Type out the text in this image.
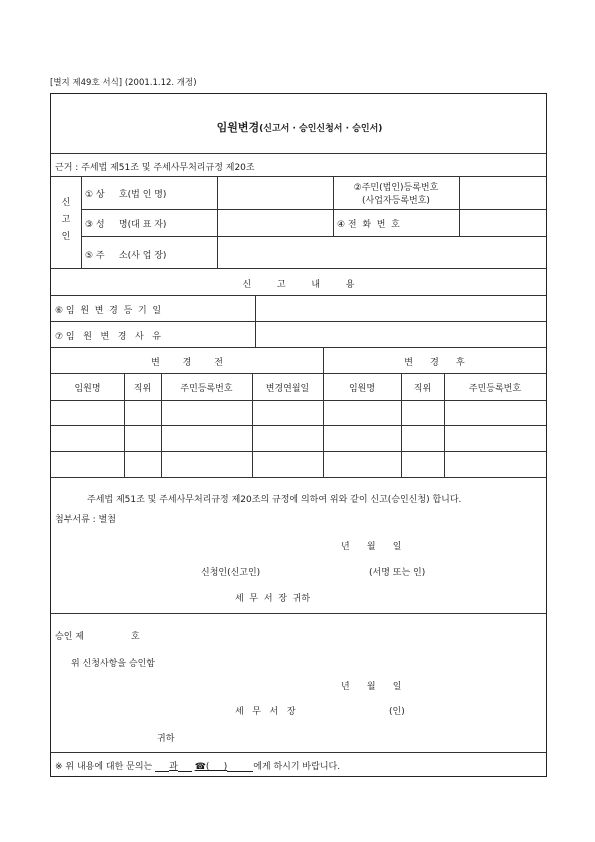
[별지 제49호 서식] (2001.1.12. 개정)
임원변경(신고서 · 승인신청서 · 승인서)
근거 : 주세법 제51조 및 주세사무처리규정 제20조
신
고
인
① 상     호(법 인 명)
②주민(법인)등록번호
(사업자등록번호)
③ 성     명(대 표 자)	④ 전  화  번  호
⑤ 주     소(사 업 장)
신         고         내         용
⑥ 임  원  변  경  등  기  일
⑦ 임   원   변   경   사   유
변        경        전	변      경      후
임원명	직위	주민등록번호	변경연월일	임원명	직위	주민등록번호
주세법 제51조 및 주세사무처리규정 제20조의 규정에 의하여 위와 같이 신고(승인신청) 합니다.
첨부서류 : 별첨
년      월      일
신청인(신고인)	(서명 또는 인)
세  무  서  장  귀하
승인 제	호
위 신청사항을 승인함
년      월      일
세   무   서   장	(인)
귀하
※ 위 내용에 대한 문의는 과 ☎(     )	에게 하시기 바랍니다.
